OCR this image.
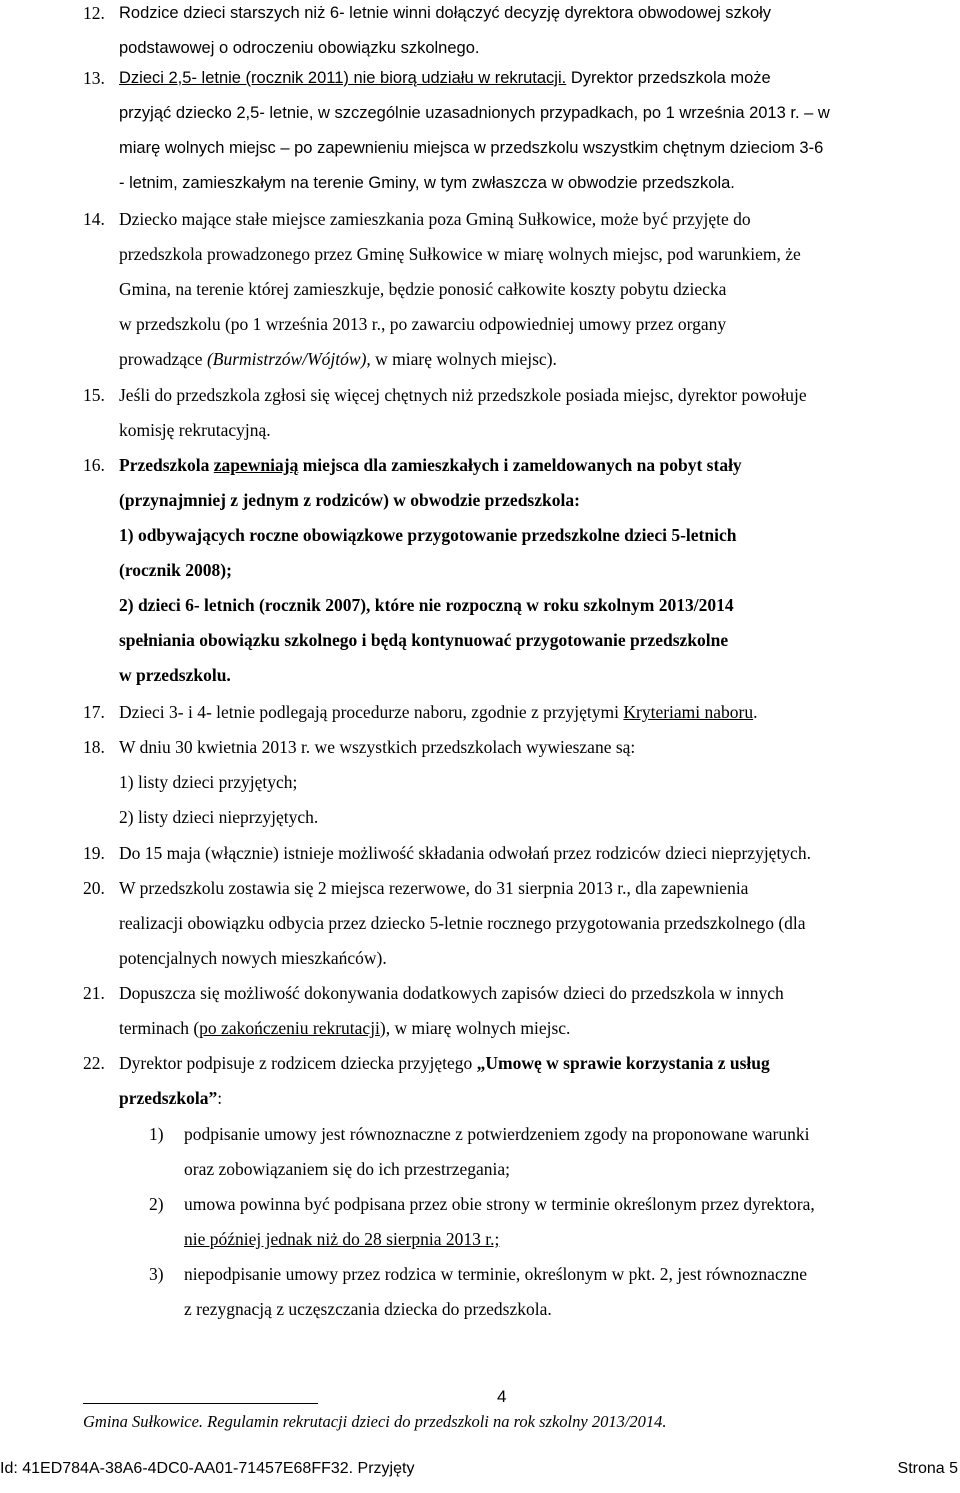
12. Rodzice dzieci starszych niż 6- letnie winni dołączyć decyzję dyrektora obwodowej szkoły
podstawowej o odroczeniu obowiązku szkolnego.
13. Dzieci 2,5- letnie (rocznik 2011) nie biorą udziału w rekrutacji. Dyrektor przedszkola może
przyjąć dziecko 2,5- letnie, w szczególnie uzasadnionych przypadkach, po 1 września 2013 r. – w
miarę wolnych miejsc – po zapewnieniu miejsca w przedszkolu wszystkim chętnym dzieciom 3-6
- letnim, zamieszkałym na terenie Gminy, w tym zwłaszcza w obwodzie przedszkola.
14. Dziecko mające stałe miejsce zamieszkania poza Gminą Sułkowice, może być przyjęte do
przedszkola prowadzonego przez Gminę Sułkowice w miarę wolnych miejsc, pod warunkiem, że
Gmina, na terenie której zamieszkuje, będzie ponosić całkowite koszty pobytu dziecka
w przedszkolu (po 1 września 2013 r., po zawarciu odpowiedniej umowy przez organy
prowadzące (Burmistrzów/Wójtów), w miarę wolnych miejsc).
15. Jeśli do przedszkola zgłosi się więcej chętnych niż przedszkole posiada miejsc, dyrektor powołuje
komisję rekrutacyjną.
16. Przedszkola zapewniają miejsca dla zamieszkałych i zameldowanych na pobyt stały
(przynajmniej z jednym z rodziców) w obwodzie przedszkola:
1) odbywających roczne obowiązkowe przygotowanie przedszkolne dzieci 5-letnich
(rocznik 2008);
2) dzieci 6- letnich (rocznik 2007), które nie rozpoczną w roku szkolnym 2013/2014
spełniania obowiązku szkolnego i będą kontynuować przygotowanie przedszkolne
w przedszkolu.
17. Dzieci 3- i 4- letnie podlegają procedurze naboru, zgodnie z przyjętymi Kryteriami naboru.
18. W dniu 30 kwietnia 2013 r. we wszystkich przedszkolach wywieszane są:
1) listy dzieci przyjętych;
2) listy dzieci nieprzyjętych.
19. Do 15 maja (włącznie) istnieje możliwość składania odwołań przez rodziców dzieci nieprzyjętych.
20. W przedszkolu zostawia się 2 miejsca rezerwowe, do 31 sierpnia 2013 r., dla zapewnienia
realizacji obowiązku odbycia przez dziecko 5-letnie rocznego przygotowania przedszkolnego (dla
potencjalnych nowych mieszkańców).
21. Dopuszcza się możliwość dokonywania dodatkowych zapisów dzieci do przedszkola w innych
terminach (po zakończeniu rekrutacji), w miarę wolnych miejsc.
22. Dyrektor podpisuje z rodzicem dziecka przyjętego „Umowę w sprawie korzystania z usług
przedszkola”:
1) podpisanie umowy jest równoznaczne z potwierdzeniem zgody na proponowane warunki
oraz zobowiązaniem się do ich przestrzegania;
2) umowa powinna być podpisana przez obie strony w terminie określonym przez dyrektora,
nie później jednak niż do 28 sierpnia 2013 r.;
3) niepodpisanie umowy przez rodzica w terminie, określonym w pkt. 2, jest równoznaczne
z rezygnacją z uczęszczania dziecka do przedszkola.
4
Gmina Sułkowice. Regulamin rekrutacji dzieci do przedszkoli na rok szkolny 2013/2014.
Id: 41ED784A-38A6-4DC0-AA01-71457E68FF32. Przyjęty	Strona 5
